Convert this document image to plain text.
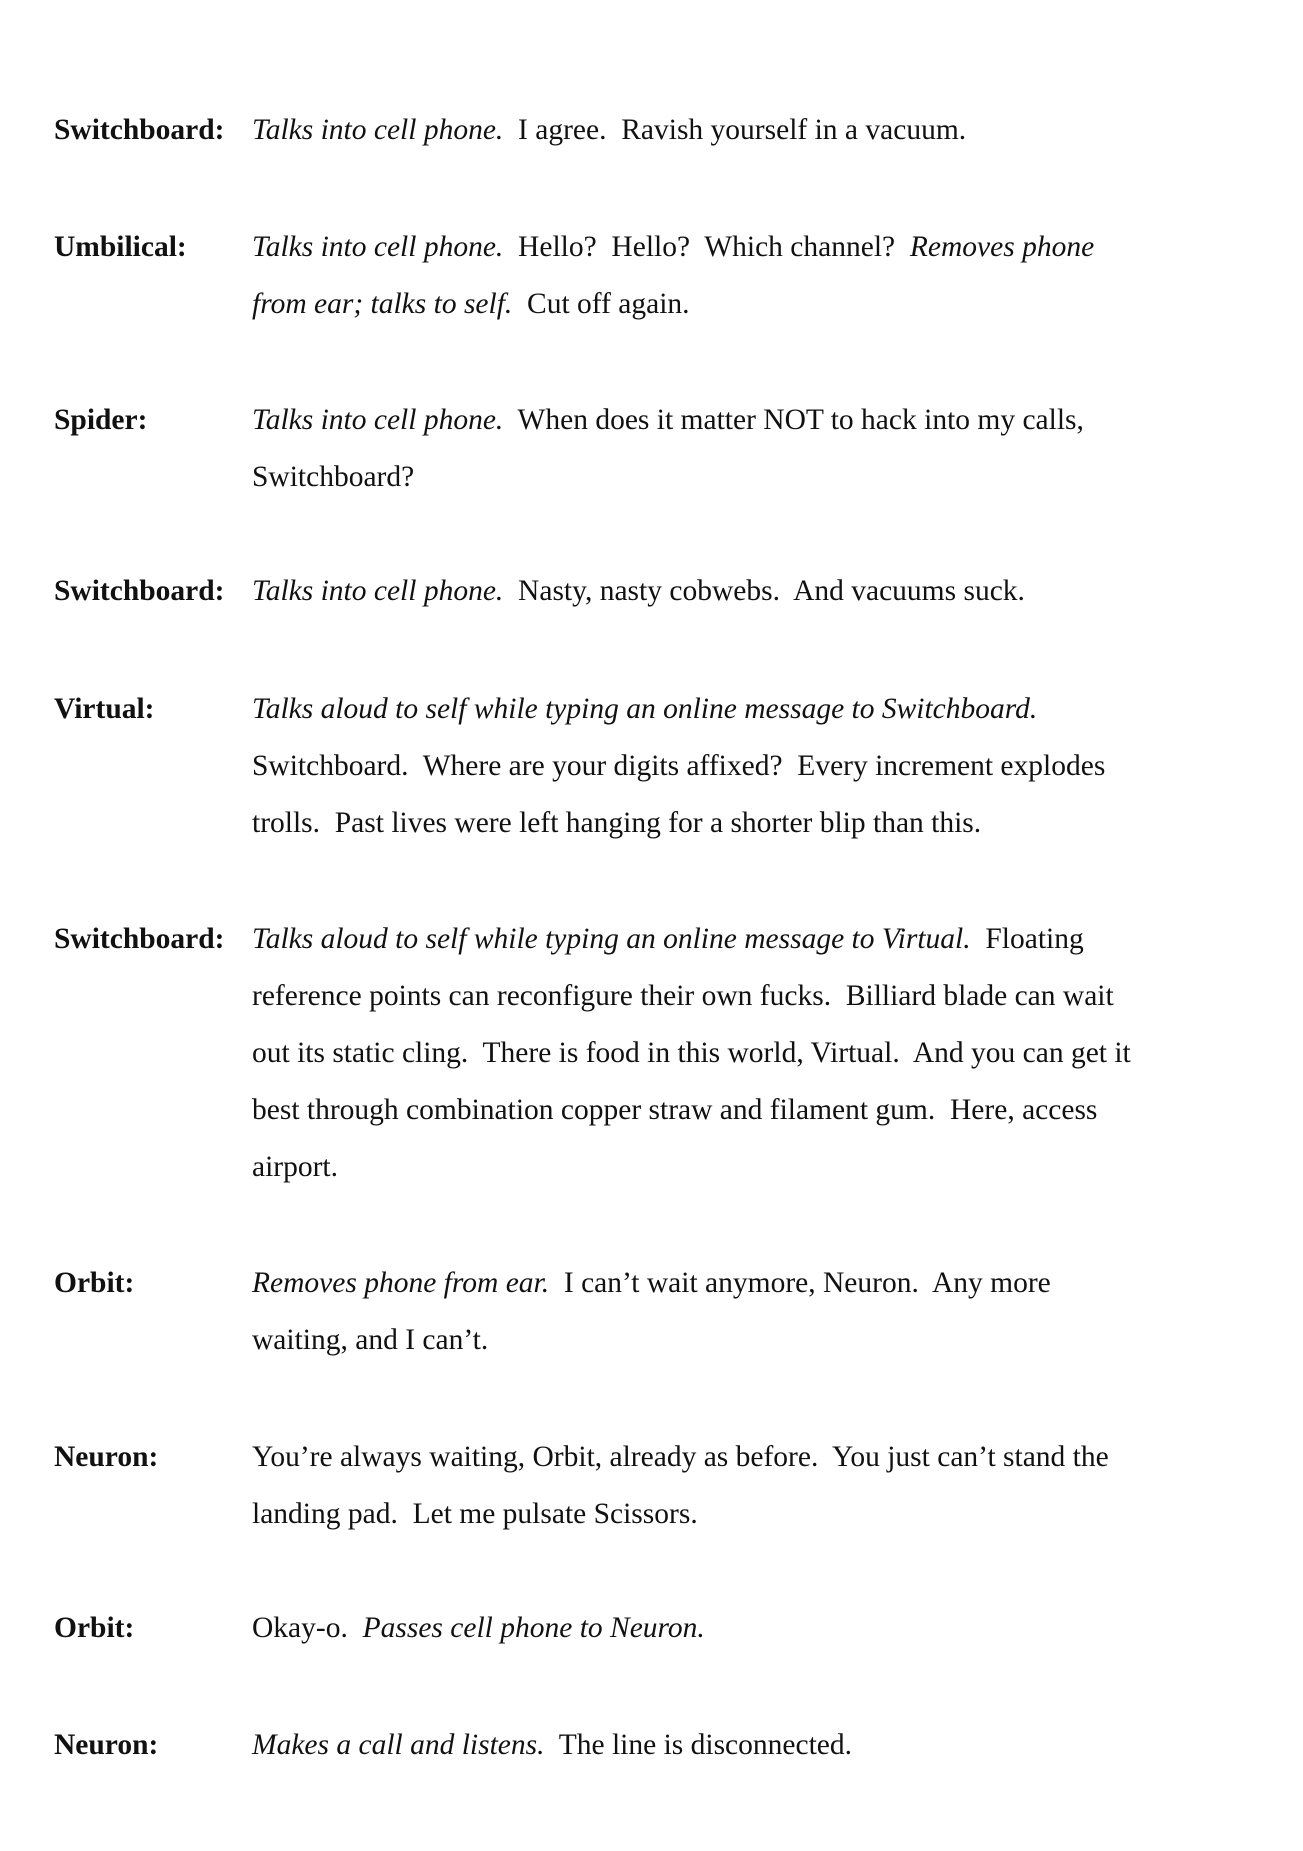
Switchboard: Talks into cell phone.  I agree.  Ravish yourself in a vacuum.
Umbilical: Talks into cell phone.  Hello?  Hello?  Which channel?  Removes phone
from ear; talks to self.  Cut off again.
Spider:	Talks into cell phone.  When does it matter NOT to hack into my calls,
Switchboard?
Switchboard: Talks into cell phone.  Nasty, nasty cobwebs.  And vacuums suck.
Virtual:	Talks aloud to self while typing an online message to Switchboard.
Switchboard.  Where are your digits affixed?  Every increment explodes
trolls.  Past lives were left hanging for a shorter blip than this.
Switchboard: Talks aloud to self while typing an online message to Virtual.  Floating
reference points can reconfigure their own fucks.  Billiard blade can wait
out its static cling.  There is food in this world, Virtual.  And you can get it
best through combination copper straw and filament gum.  Here, access
airport.
Orbit:	Removes phone from ear.  I can’t wait anymore, Neuron.  Any more
waiting, and I can’t.
Neuron:	You’re always waiting, Orbit, already as before.  You just can’t stand the
landing pad.  Let me pulsate Scissors.
Orbit:	Okay-o.  Passes cell phone to Neuron.
Neuron:	Makes a call and listens.  The line is disconnected.
